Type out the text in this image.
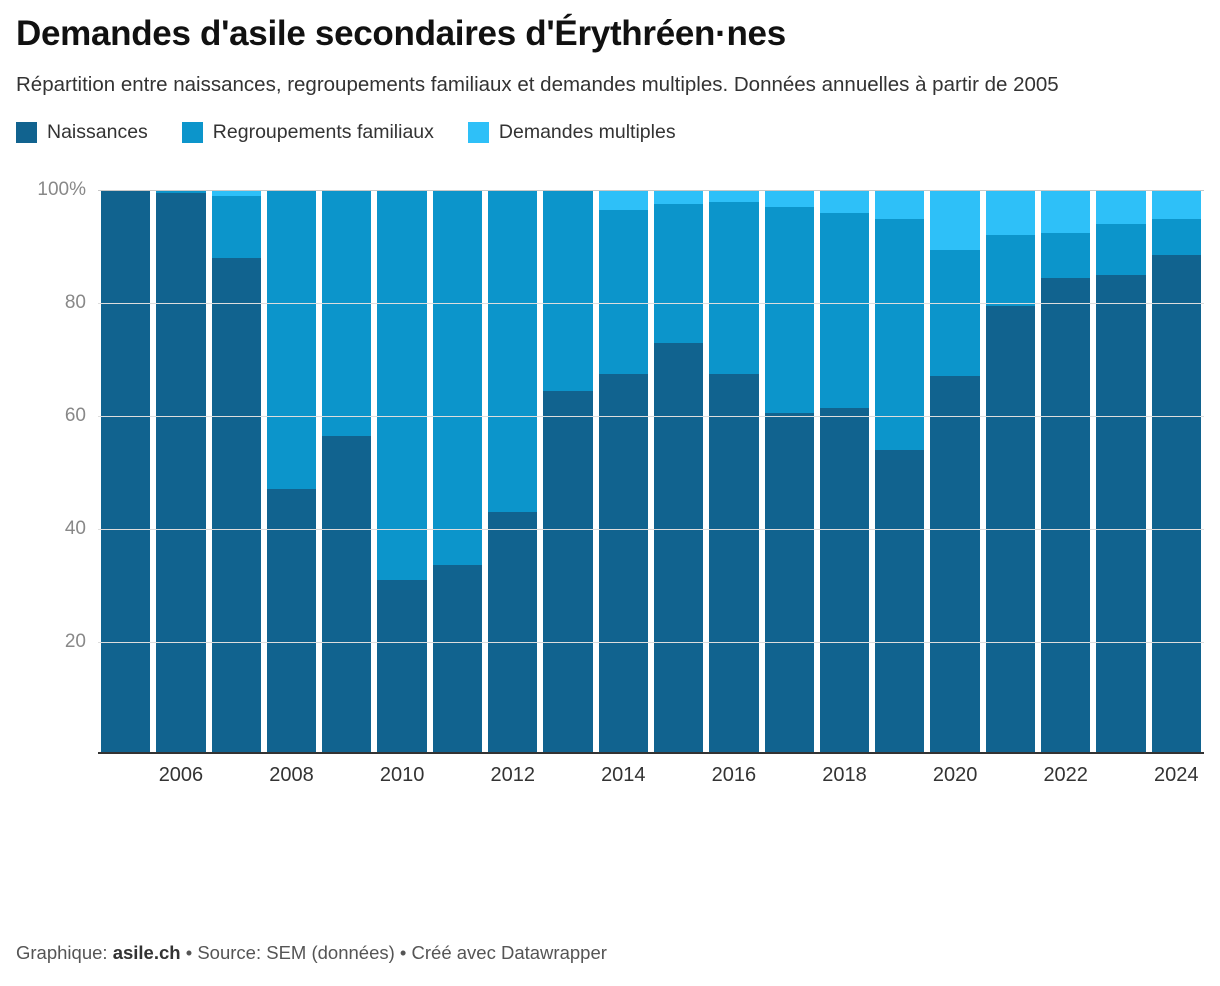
Demandes d'asile secondaires d'Érythréen·nes

Répartition entre naissances, regroupements familiaux et demandes multiples. Données annuelles à partir de 2005

Naissances	Regroupements familiaux	Demandes multiples
2006	2008	2010	2012	2014	2016	2018	2020	2022	2024
100%
80
60
40
20
Graphique: asile.ch • Source: SEM (données) • Créé avec Datawrapper
